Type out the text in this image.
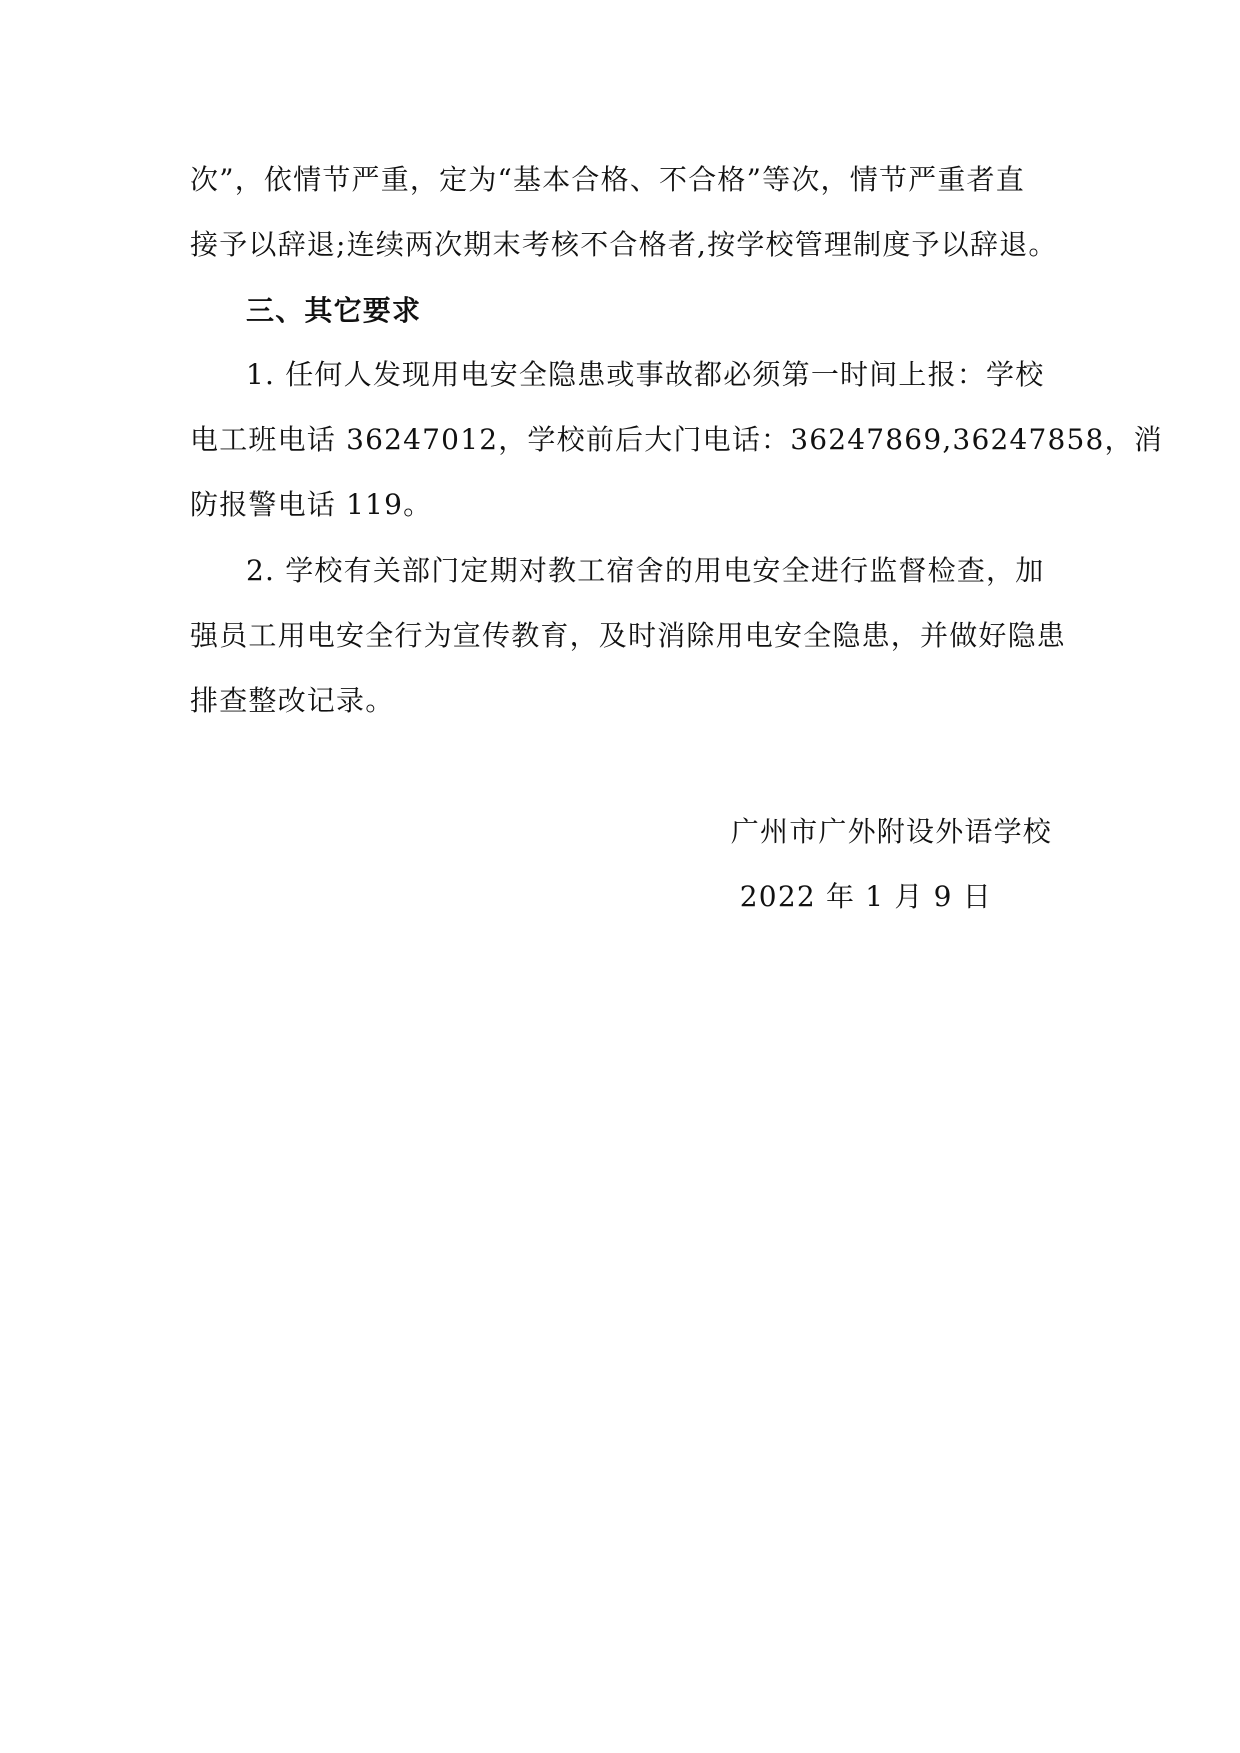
次”，依情节严重，定为“基本合格、不合格”等次，情节严重者直
接予以辞退;连续两次期末考核不合格者,按学校管理制度予以辞退。
三、其它要求
1. 任何人发现用电安全隐患或事故都必须第一时间上报：学校
电工班电话 36247012，学校前后大门电话：36247869,36247858，消
防报警电话 119。
2. 学校有关部门定期对教工宿舍的用电安全进行监督检查，加
强员工用电安全行为宣传教育，及时消除用电安全隐患，并做好隐患
排查整改记录。
广州市广外附设外语学校
2022 年 1 月 9 日
